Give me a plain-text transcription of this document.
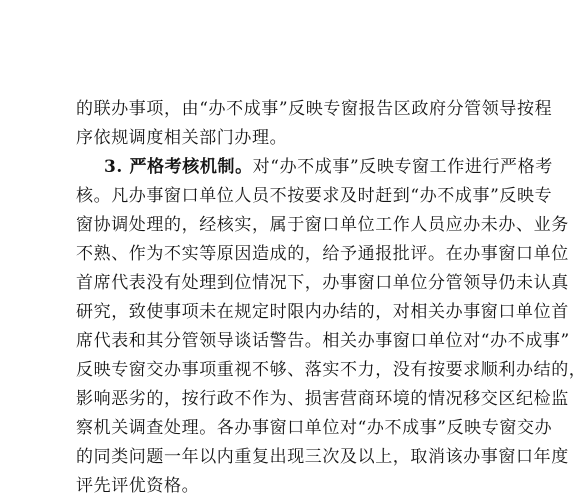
的联办事项，由“办不成事”反映专窗报告区政府分管领导按程
序依规调度相关部门办理。
3. 严格考核机制。对“办不成事”反映专窗工作进行严格考
核。凡办事窗口单位人员不按要求及时赶到“办不成事”反映专
窗协调处理的，经核实，属于窗口单位工作人员应办未办、业务
不熟、作为不实等原因造成的，给予通报批评。在办事窗口单位
首席代表没有处理到位情况下，办事窗口单位分管领导仍未认真
研究，致使事项未在规定时限内办结的，对相关办事窗口单位首
席代表和其分管领导谈话警告。相关办事窗口单位对“办不成事”
反映专窗交办事项重视不够、落实不力，没有按要求顺利办结的，
影响恶劣的，按行政不作为、损害营商环境的情况移交区纪检监
察机关调查处理。各办事窗口单位对“办不成事”反映专窗交办
的同类问题一年以内重复出现三次及以上，取消该办事窗口年度
评先评优资格。
